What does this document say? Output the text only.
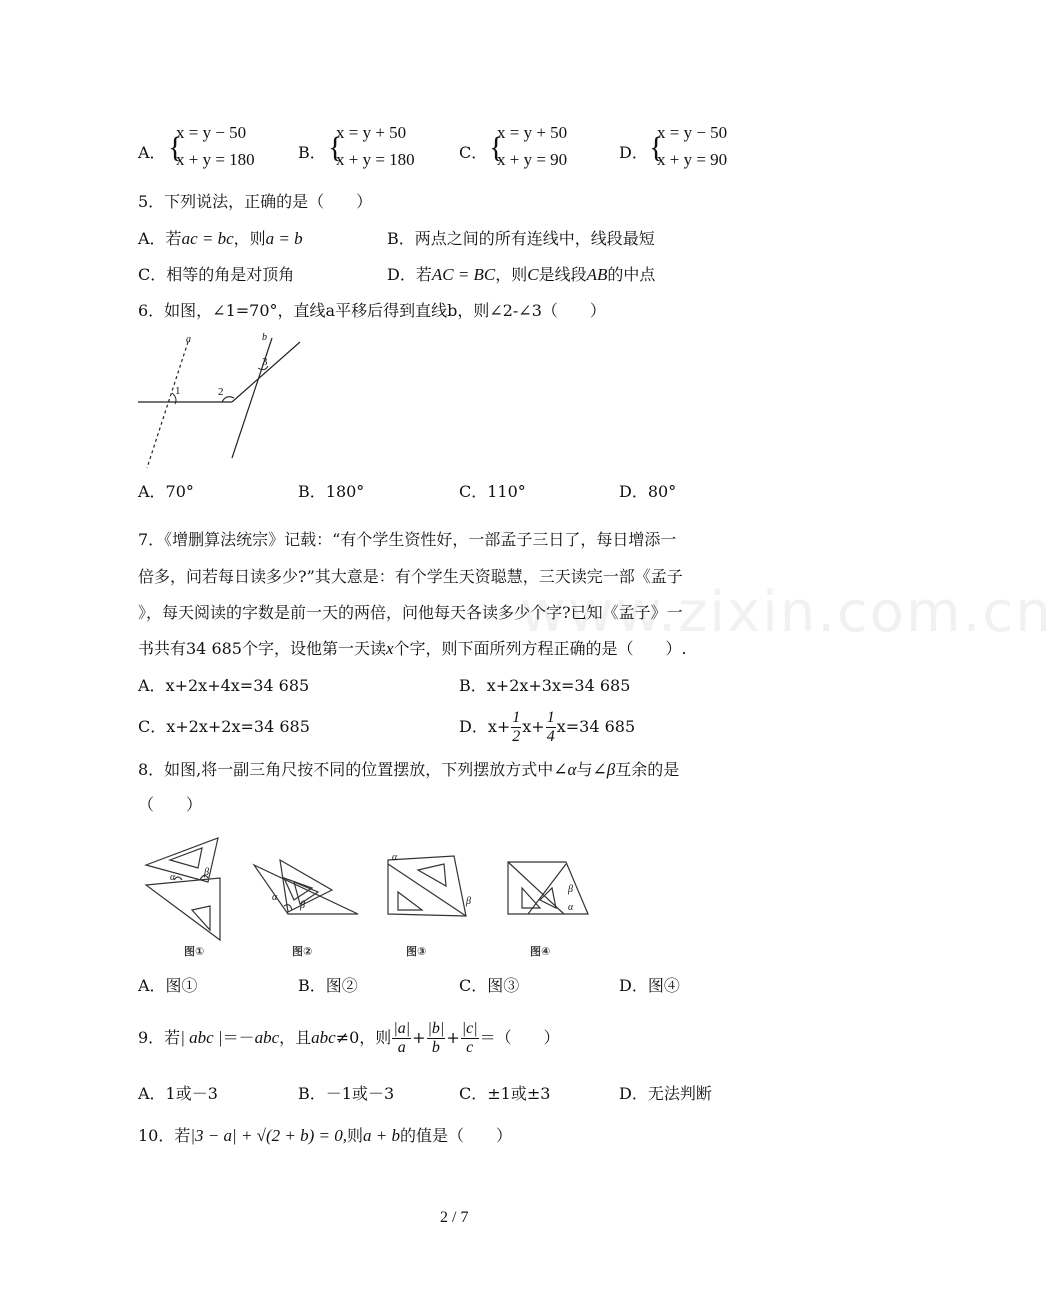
www.zixin.com.cn
A． {
x = y − 50
x + y = 180	B． {
x = y + 50
x + y = 180	C． {
x = y + 50
x + y = 90	D． {
x = y − 50
x + y = 90
5．下列说法，正确的是（　　）
A．若ac = bc，则a = b	B．两点之间的所有连线中，线段最短
C．相等的角是对顶角	D．若AC = BC，则C是线段AB的中点
6．如图，∠1=70°，直线a平移后得到直线b，则∠2-∠3（　　）
a	b
1	2
3
A．70°	B．180°	C．110°	D．80°
7．《增删算法统宗》记载：“有个学生资性好，一部孟子三日了，每日增添一
倍多，问若每日读多少?”其大意是：有个学生天资聪慧，三天读完一部《孟子
》，每天阅读的字数是前一天的两倍，问他每天各读多少个字?已知《孟子》一
书共有34 685个字，设他第一天读x个字，则下面所列方程正确的是（　　）.
A．x+2x+4x=34 685	B．x+2x+3x=34 685
C．x+2x+2x=34 685	D．$x+ \frac{1}{2} x+ \frac{1}{4} x=34$ 685
8．如图,将一副三角尺按不同的位置摆放，下列摆放方式中∠α与∠β互余的是
（　　）
α	β
图①
α
β
图②
α
β
图③
β
α
图④
A．图①	B．图②	C．图③	D．图④
9．若| abc |＝－abc，且abc≠0，则 $\frac{|a|}{a} + \frac{|b|}{b} + \frac{|c|}{c}$ ＝（　　）
A．1或－3	B．－1或－3	C．±1或±3	D．无法判断
10．若|3 − a| + √(2 + b) = 0,则a + b的值是（　　）
2 / 7
